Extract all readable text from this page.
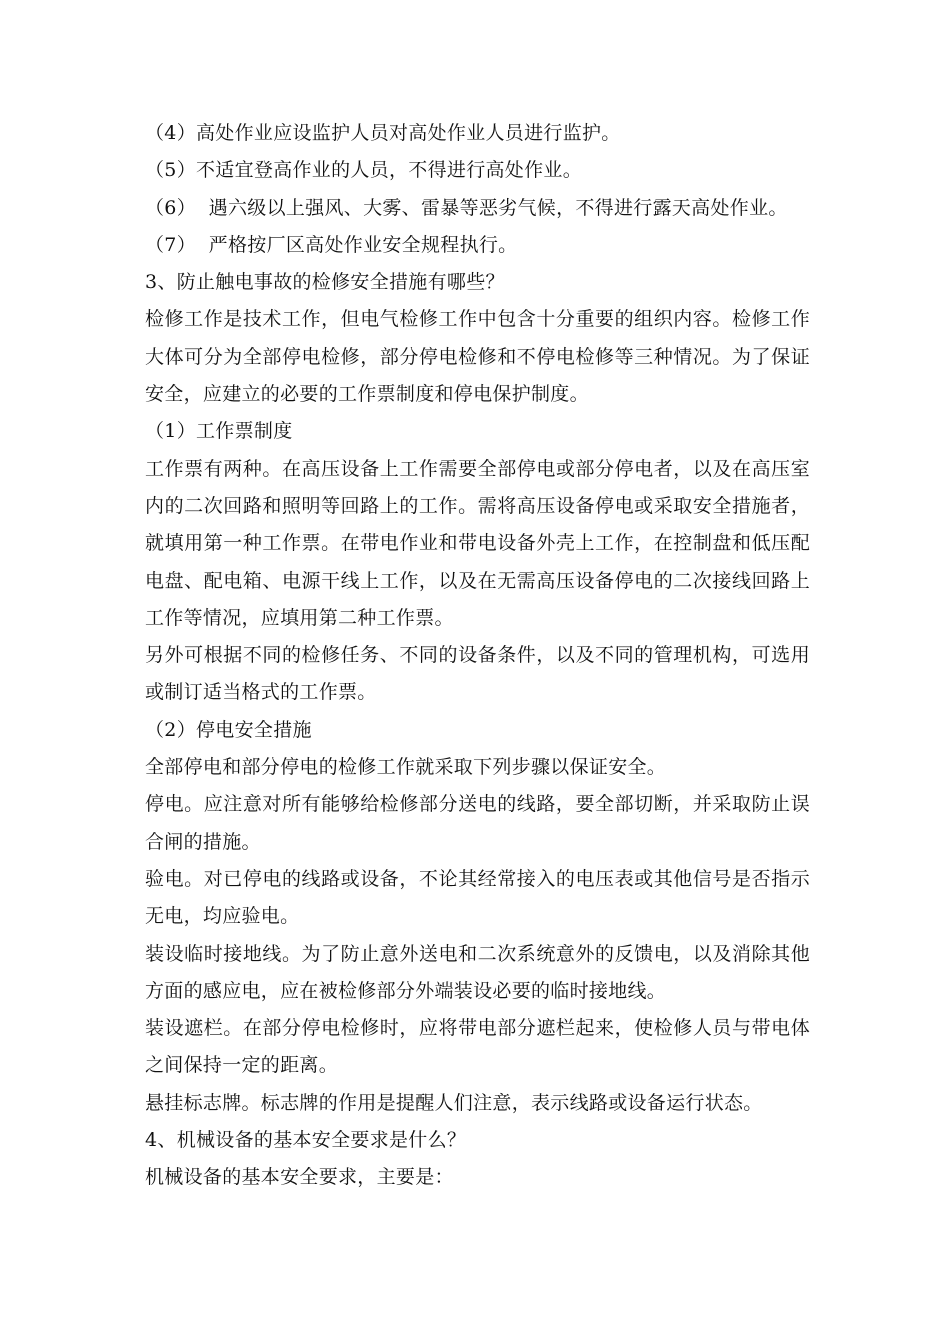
（4）高处作业应设监护人员对高处作业人员进行监护。

（5）不适宜登高作业的人员，不得进行高处作业。

（6）  遇六级以上强风、大雾、雷暴等恶劣气候，不得进行露天高处作业。

（7）  严格按厂区高处作业安全规程执行。

3、防止触电事故的检修安全措施有哪些？

检修工作是技术工作，但电气检修工作中包含十分重要的组织内容。检修工作大体可分为全部停电检修，部分停电检修和不停电检修等三种情况。为了保证安全，应建立的必要的工作票制度和停电保护制度。

（1）工作票制度

工作票有两种。在高压设备上工作需要全部停电或部分停电者，以及在高压室内的二次回路和照明等回路上的工作。需将高压设备停电或采取安全措施者，就填用第一种工作票。在带电作业和带电设备外壳上工作，在控制盘和低压配电盘、配电箱、电源干线上工作，以及在无需高压设备停电的二次接线回路上工作等情况，应填用第二种工作票。

另外可根据不同的检修任务、不同的设备条件，以及不同的管理机构，可选用或制订适当格式的工作票。

（2）停电安全措施

全部停电和部分停电的检修工作就采取下列步骤以保证安全。

停电。应注意对所有能够给检修部分送电的线路，要全部切断，并采取防止误合闸的措施。

验电。对已停电的线路或设备，不论其经常接入的电压表或其他信号是否指示无电，均应验电。

装设临时接地线。为了防止意外送电和二次系统意外的反馈电，以及消除其他方面的感应电，应在被检修部分外端装设必要的临时接地线。

装设遮栏。在部分停电检修时，应将带电部分遮栏起来，使检修人员与带电体之间保持一定的距离。

悬挂标志牌。标志牌的作用是提醒人们注意，表示线路或设备运行状态。

4、机械设备的基本安全要求是什么？

机械设备的基本安全要求，主要是：
